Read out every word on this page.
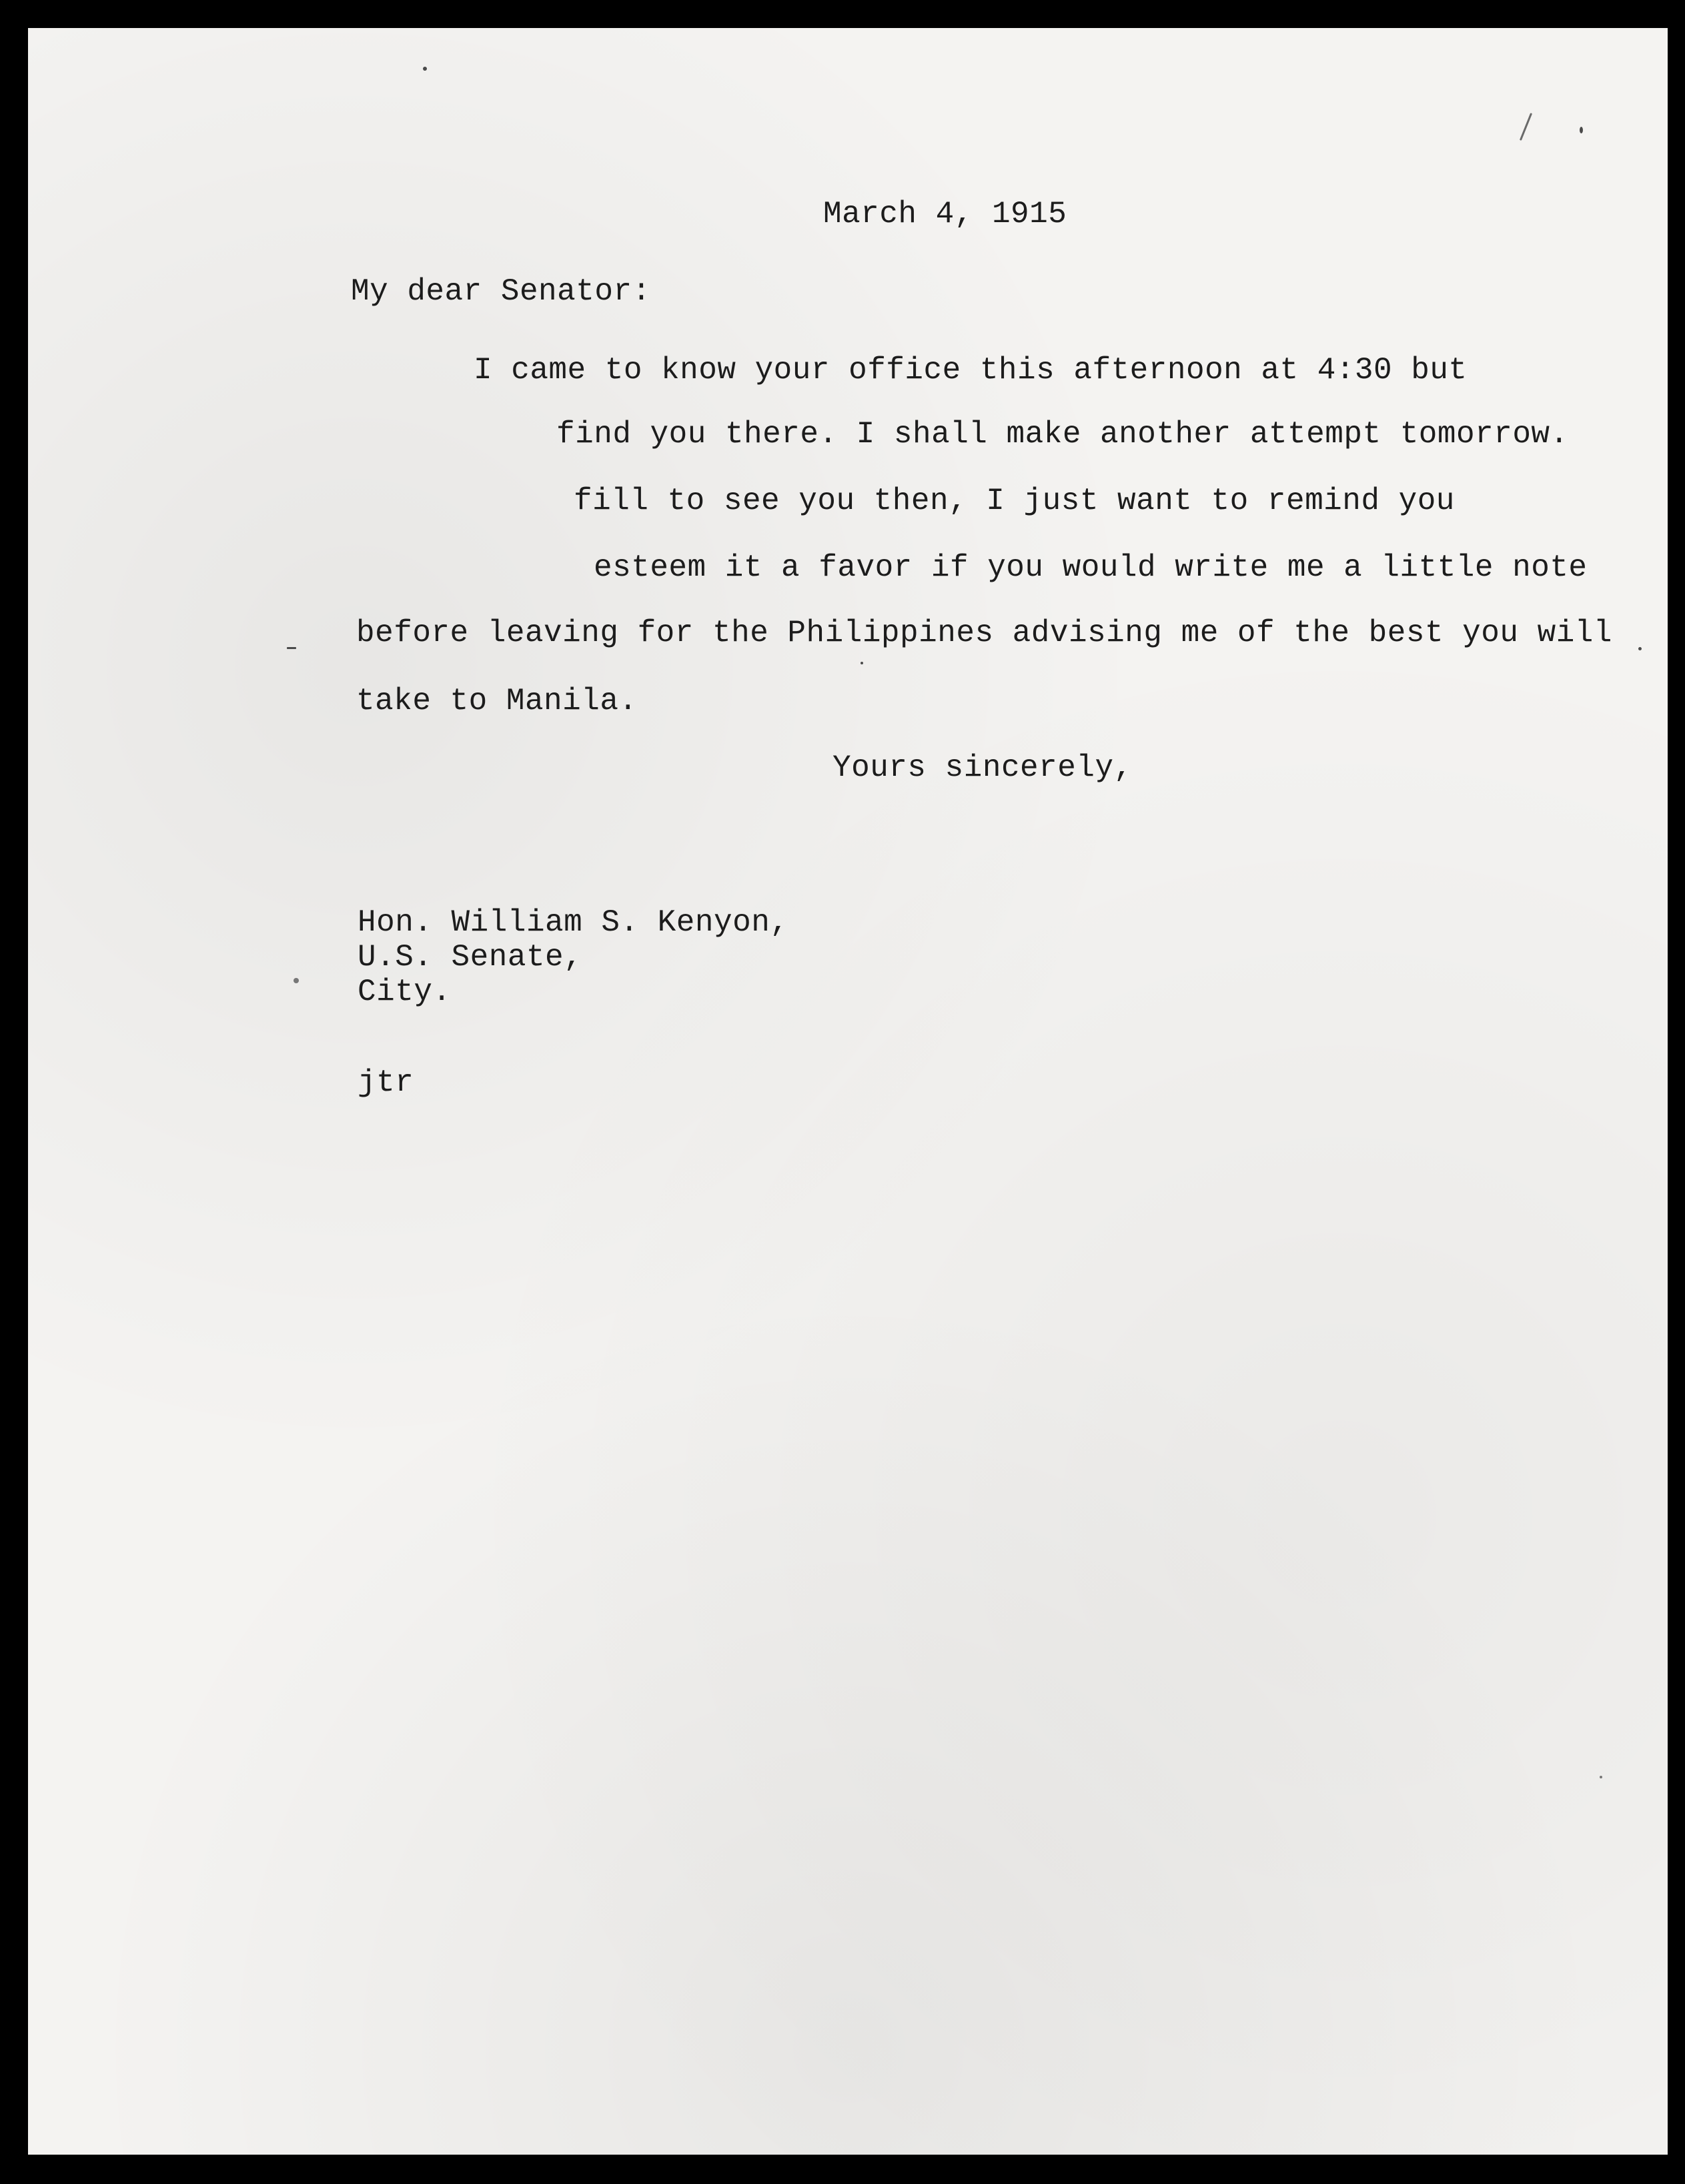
March 4, 1915

My dear Senator:

I came to know your office this afternoon at 4:30 but

find you there. I shall make another attempt tomorrow.

fill to see you then, I just want to remind you

esteem it a favor if you would write me a little note

before leaving for the Philippines advising me of the best you will

take to Manila.

Yours sincerely,

Hon. William S. Kenyon,

U.S. Senate,

City.

jtr
